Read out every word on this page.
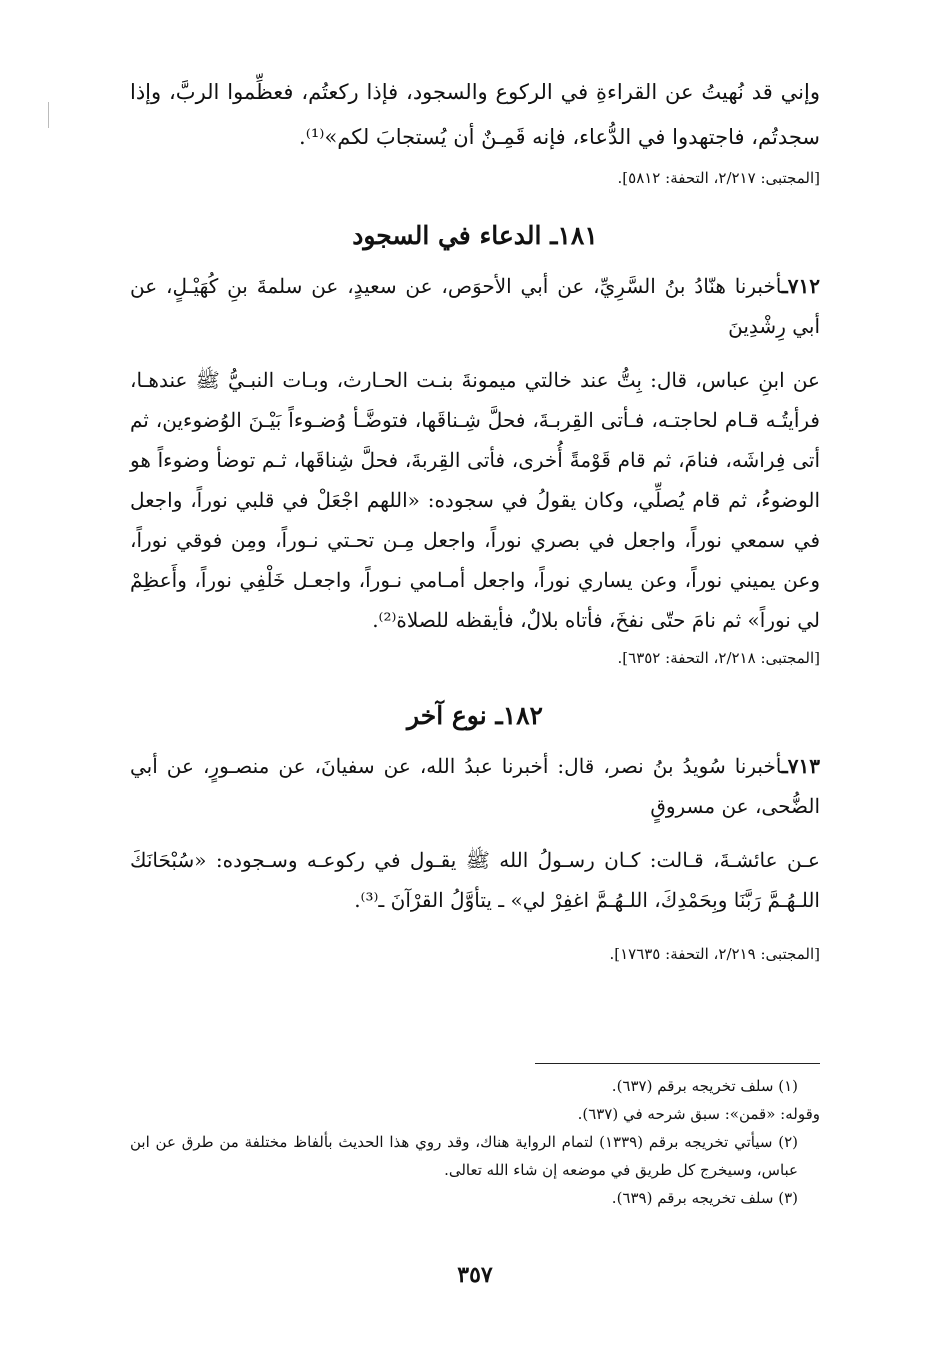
وإني قد نُهيتُ عن القراءةِ في الركوع والسجود، فإذا ركعتُم، فعظِّموا الربَّ، وإذا سجدتُم، فاجتهدوا في الدُّعاء، فإنه قَمِـنٌ أن يُستجابَ لكم»⁽¹⁾.

[المجتبى: ٢/٢١٧، التحفة: ٥٨١٢].

١٨١ـ الدعاء في السجود

٧١٢ـأخبرنا هنّادُ بنُ السَّرِيِّ، عن أبي الأحوَص، عن سعيدٍ، عن سلمةَ بنِ كُهَيْـلٍ، عن أبي رِشْدِينَ

عن ابنِ عباس، قال: بِتُّ عند خالتي ميمونةَ بنـت الحـارث، وبـات النبـيُّ ﷺ عندهـا، فرأيتُـه قـام لحاجتـه، فـأتى القِربـةَ، فحلَّ شِـناقَها، فتوضَّـأ وُضـوءاً بَيْـنَ الوُضوءين، ثم أتى فِراشَه، فنامَ، ثم قام قَوْمةً أُخرى، فأتى القِربةَ، فحلَّ شِناقَها، ثـم توضأ وضوءاً هو الوضوءُ، ثم قام يُصلِّي، وكان يقولُ في سجوده: «اللهم اجْعَلْ في قلبي نوراً، واجعل في سمعي نوراً، واجعل في بصري نوراً، واجعل مِـن تحـتي نـوراً، ومِن فوقي نوراً، وعن يميني نوراً، وعن يساري نوراً، واجعل أمـامي نـوراً، واجعـل خَلْفِي نوراً، وأَعظِمْ لي نوراً» ثم نامَ حتّى نفخَ، فأتاه بلالٌ، فأيقظه للصلاة⁽²⁾.

[المجتبى: ٢/٢١٨، التحفة: ٦٣٥٢].

١٨٢ـ نوع آخر

٧١٣ـأخبرنا سُويدُ بنُ نصر، قال: أخبرنا عبدُ الله، عن سفيانَ، عن منصـورٍ، عن أبي الضُّحى، عن مسروقٍ

عـن عائشـةَ، قـالت: كـان رسـولُ الله ﷺ يقـول في ركوعـه وسـجوده: «سُبْحَانَكَ اللـهُـمَّ رَبَّنَا وبِحَمْدِكَ، اللـهُـمَّ اغفِرْ لي» ـ يتأوَّلُ القرْآنَ ـ⁽³⁾.

[المجتبى: ٢/٢١٩، التحفة: ١٧٦٣٥].

(١) سلف تخريجه برقم (٦٣٧).

وقوله: «قمن»: سبق شرحه في (٦٣٧).

(٢) سيأتي تخريجه برقم (١٣٣٩) لتمام الرواية هناك، وقد روي هذا الحديث بألفاظ مختلفة من طرق عن ابن عباس، وسيخرج كل طريق في موضعه إن شاء الله تعالى.

(٣) سلف تخريجه برقم (٦٣٩).

٣٥٧
